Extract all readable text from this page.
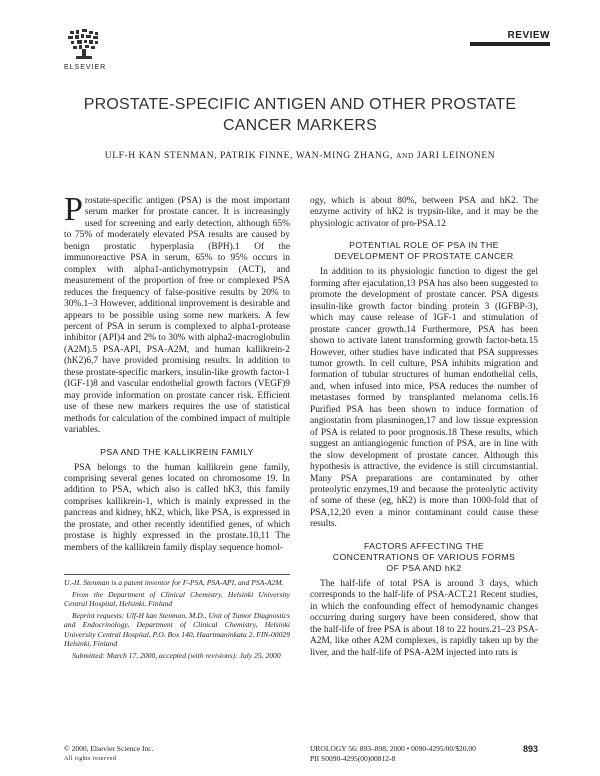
ELSEVIER
REVIEW
PROSTATE-SPECIFIC ANTIGEN AND OTHER PROSTATE
CANCER MARKERS
ULF-H KAN STENMAN, PATRIK FINNE, WAN-MING ZHANG, AND JARI LEINONEN

Prostate-specific antigen (PSA) is the most important serum marker for prostate cancer. It is increasingly used for screening and early detection, although 65% to 75% of moderately elevated PSA results are caused by benign prostatic hyperplasia (BPH).1 Of the immunoreactive PSA in serum, 65% to 95% occurs in complex with alpha1-antichymotrypsin (ACT), and measurement of the proportion of free or complexed PSA reduces the frequency of false-positive results by 20% to 30%.1–3 However, additional improvement is desirable and appears to be possible using some new markers. A few percent of PSA in serum is complexed to alpha1-protease inhibitor (API)4 and 2% to 30% with alpha2-macroglobulin (A2M).5 PSA-API, PSA-A2M, and human kallikrein-2 (hK2)6,7 have provided promising results. In addition to these prostate-specific markers, insulin-like growth factor-1 (IGF-1)8 and vascular endothelial growth factors (VEGF)9 may provide information on prostate cancer risk. Efficient use of these new markers requires the use of statistical methods for calculation of the combined impact of multiple variables.

PSA AND THE KALLIKREIN FAMILY

PSA belongs to the human kallikrein gene family, comprising several genes located on chromosome 19. In addition to PSA, which also is called hK3, this family comprises kallikrein-1, which is mainly expressed in the pancreas and kidney, hK2, which, like PSA, is expressed in the prostate, and other recently identified genes, of which prostase is highly expressed in the prostate.10,11 The members of the kallikrein family display sequence homol-

U.-H. Stenman is a patent inventor for F-PSA, PSA-API, and PSA-A2M.

From the Department of Clinical Chemistry, Helsinki University Central Hospital, Helsinki, Finland

Reprint requests: Ulf-H kan Stenman, M.D., Unit of Tumor Diagnostics and Endocrinology, Department of Clinical Chemistry, Helsinki University Central Hospital, P.O. Box 140, Haartmaninkatu 2, FIN-00029 Helsinki, Finland

Submitted: March 17, 2000, accepted (with revisions): July 25, 2000

ogy, which is about 80%, between PSA and hK2. The enzyme activity of hK2 is trypsin-like, and it may be the physiologic activator of pro-PSA.12

POTENTIAL ROLE OF PSA IN THE
DEVELOPMENT OF PROSTATE CANCER

In addition to its physiologic function to digest the gel forming after ejaculation,13 PSA has also been suggested to promote the development of prostate cancer. PSA digests insulin-like growth factor binding protein 3 (IGFBP-3), which may cause release of IGF-1 and stimulation of prostate cancer growth.14 Furthermore, PSA has been shown to activate latent transforming growth factor-beta.15 However, other studies have indicated that PSA suppresses tumor growth. In cell culture, PSA inhibits migration and formation of tubular structures of human endothelial cells, and, when infused into mice, PSA reduces the number of metastases formed by transplanted melanoma cells.16 Purified PSA has been shown to induce formation of angiostatin from plasminogen,17 and low tissue expression of PSA is related to poor prognosis.18 These results, which suggest an antiangiogenic function of PSA, are in line with the slow development of prostate cancer. Although this hypothesis is attractive, the evidence is still circumstantial. Many PSA preparations are contaminated by other proteolytic enzymes,19 and because the proteolytic activity of some of these (eg, hK2) is more than 1000-fold that of PSA,12,20 even a minor contaminant could cause these results.

FACTORS AFFECTING THE
CONCENTRATIONS OF VARIOUS FORMS
OF PSA AND hK2

The half-life of total PSA is around 3 days, which corresponds to the half-life of PSA-ACT.21 Recent studies, in which the confounding effect of hemodynamic changes occurring during surgery have been considered, show that the half-life of free PSA is about 18 to 22 hours.21–23 PSA-A2M, like other A2M complexes, is rapidly taken up by the liver, and the half-life of PSA-A2M injected into rats is

© 2000, Elsevier Science Inc.
All rights reserved
UROLOGY 56: 893–898, 2000 • 0090-4295/00/$20.00
PII S0090-4295(00)00812-8
893
